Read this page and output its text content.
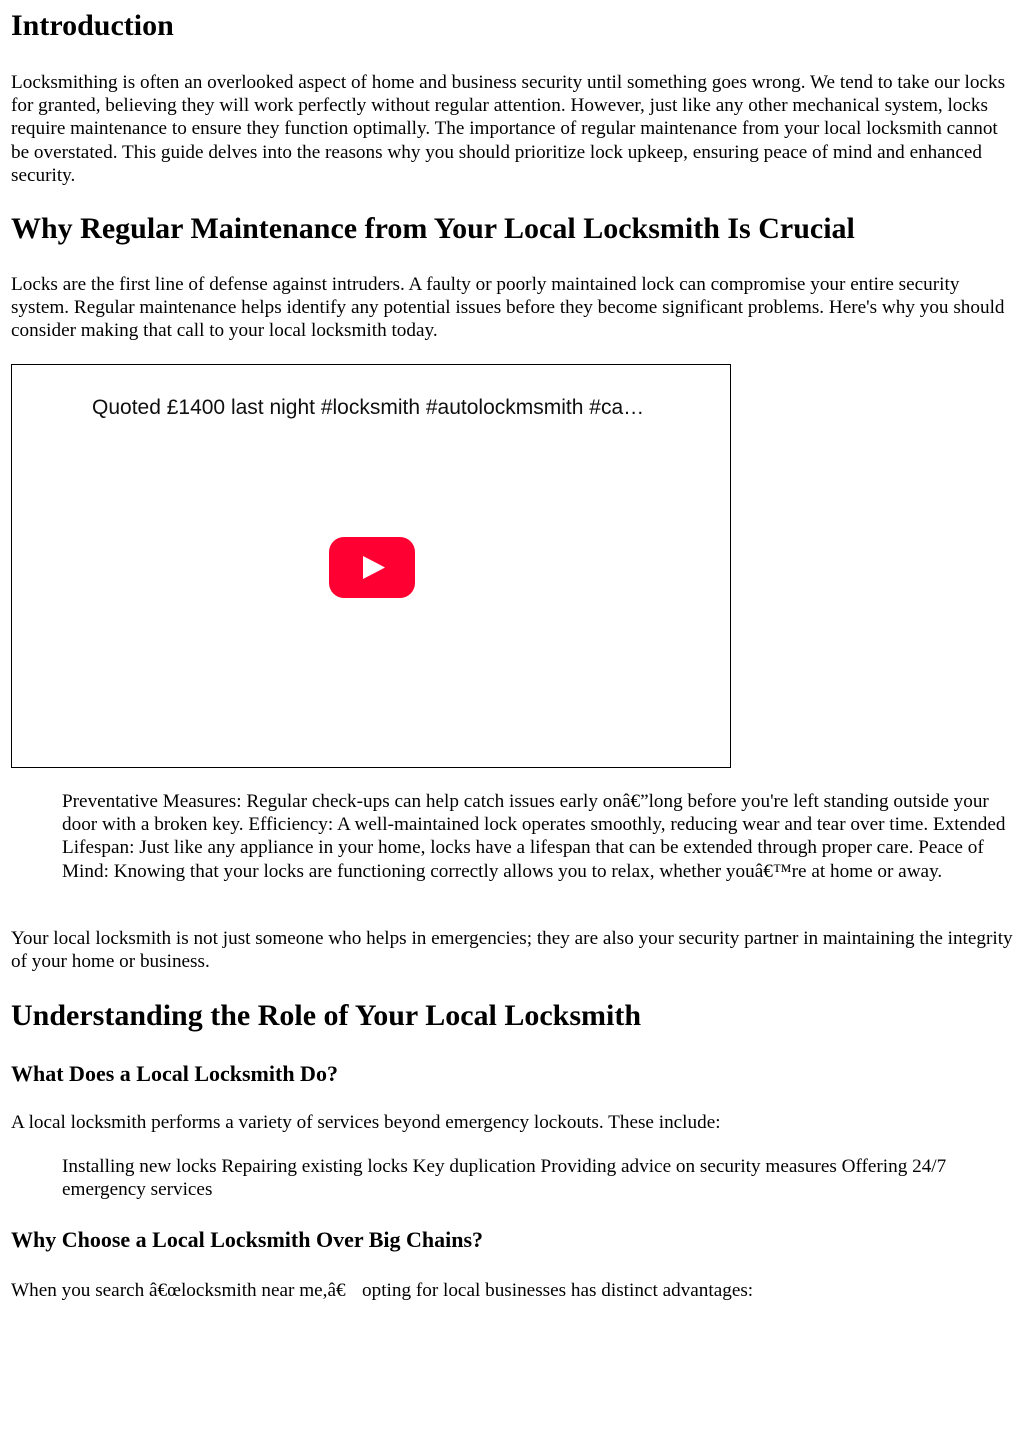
Introduction

Locksmithing is often an overlooked aspect of home and business security until something goes wrong. We tend to take our locks for granted, believing they will work perfectly without regular attention. However, just like any other mechanical system, locks require maintenance to ensure they function optimally. The importance of regular maintenance from your local locksmith cannot be overstated. This guide delves into the reasons why you should prioritize lock upkeep, ensuring peace of mind and enhanced security.

Why Regular Maintenance from Your Local Locksmith Is Crucial

Locks are the first line of defense against intruders. A faulty or poorly maintained lock can compromise your entire security system. Regular maintenance helps identify any potential issues before they become significant problems. Here's why you should consider making that call to your local locksmith today.

Quoted £1400 last night #locksmith #autolockmsmith #ca…
Preventative Measures: Regular check-ups can help catch issues early onâ€”long before you're left standing outside your door with a broken key. Efficiency: A well-maintained lock operates smoothly, reducing wear and tear over time. Extended Lifespan: Just like any appliance in your home, locks have a lifespan that can be extended through proper care. Peace of Mind: Knowing that your locks are functioning correctly allows you to relax, whether youâ€™re at home or away.

Your local locksmith is not just someone who helps in emergencies; they are also your security partner in maintaining the integrity of your home or business.

Understanding the Role of Your Local Locksmith
What Does a Local Locksmith Do?

A local locksmith performs a variety of services beyond emergency lockouts. These include:

Installing new locks Repairing existing locks Key duplication Providing advice on security measures Offering 24/7 emergency services
Why Choose a Local Locksmith Over Big Chains?

When you search â€œlocksmith near me,â€ opting for local businesses has distinct advantages:
